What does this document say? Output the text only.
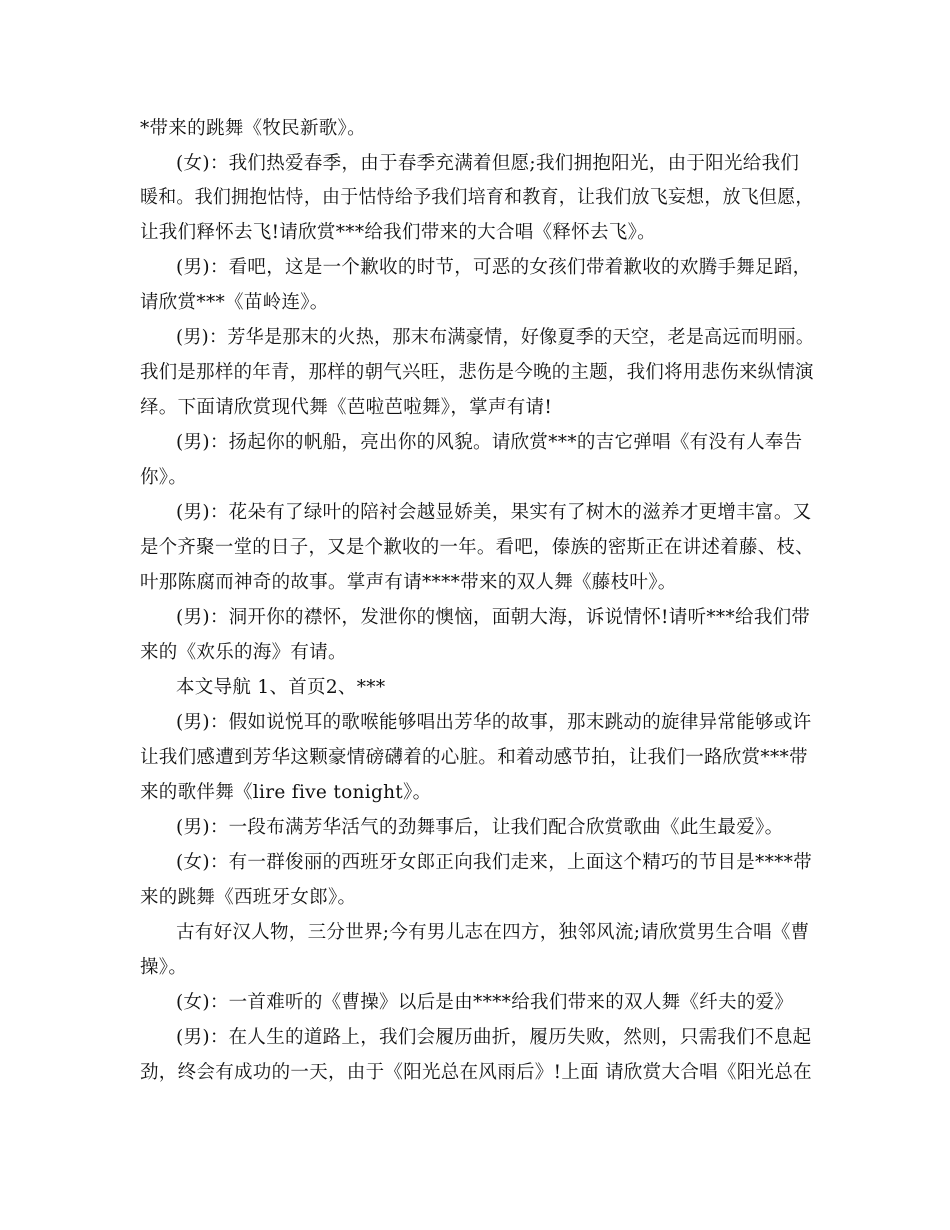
*带来的跳舞《牧民新歌》。
(女)：我们热爱春季，由于春季充满着但愿;我们拥抱阳光，由于阳光给我们
暖和。我们拥抱怙恃，由于怙恃给予我们培育和教育，让我们放飞妄想，放飞但愿，
让我们释怀去飞!请欣赏***给我们带来的大合唱《释怀去飞》。
(男)：看吧，这是一个歉收的时节，可恶的女孩们带着歉收的欢腾手舞足蹈，
请欣赏***《苗岭连》。
(男)：芳华是那末的火热，那末布满豪情，好像夏季的天空，老是高远而明丽。
我们是那样的年青，那样的朝气兴旺，悲伤是今晚的主题，我们将用悲伤来纵情演
绎。下面请欣赏现代舞《芭啦芭啦舞》，掌声有请!
(男)：扬起你的帆船，亮出你的风貌。请欣赏***的吉它弹唱《有没有人奉告
你》。
(男)：花朵有了绿叶的陪衬会越显娇美，果实有了树木的滋养才更增丰富。又
是个齐聚一堂的日子，又是个歉收的一年。看吧，傣族的密斯正在讲述着藤、枝、
叶那陈腐而神奇的故事。掌声有请****带来的双人舞《藤枝叶》。
(男)：洞开你的襟怀，发泄你的懊恼，面朝大海，诉说情怀!请听***给我们带
来的《欢乐的海》有请。
本文导航 1、首页2、***
(男)：假如说悦耳的歌喉能够唱出芳华的故事，那末跳动的旋律异常能够或许
让我们感遭到芳华这颗豪情磅礴着的心脏。和着动感节拍，让我们一路欣赏***带
来的歌伴舞《lire five tonight》。
(男)：一段布满芳华活气的劲舞事后，让我们配合欣赏歌曲《此生最爱》。
(女)：有一群俊丽的西班牙女郎正向我们走来，上面这个精巧的节目是****带
来的跳舞《西班牙女郎》。
古有好汉人物，三分世界;今有男儿志在四方，独邻风流;请欣赏男生合唱《曹
操》。
(女)：一首难听的《曹操》以后是由****给我们带来的双人舞《纤夫的爱》
(男)：在人生的道路上，我们会履历曲折，履历失败，然则，只需我们不息起
劲，终会有成功的一天，由于《阳光总在风雨后》!上面 请欣赏大合唱《阳光总在
